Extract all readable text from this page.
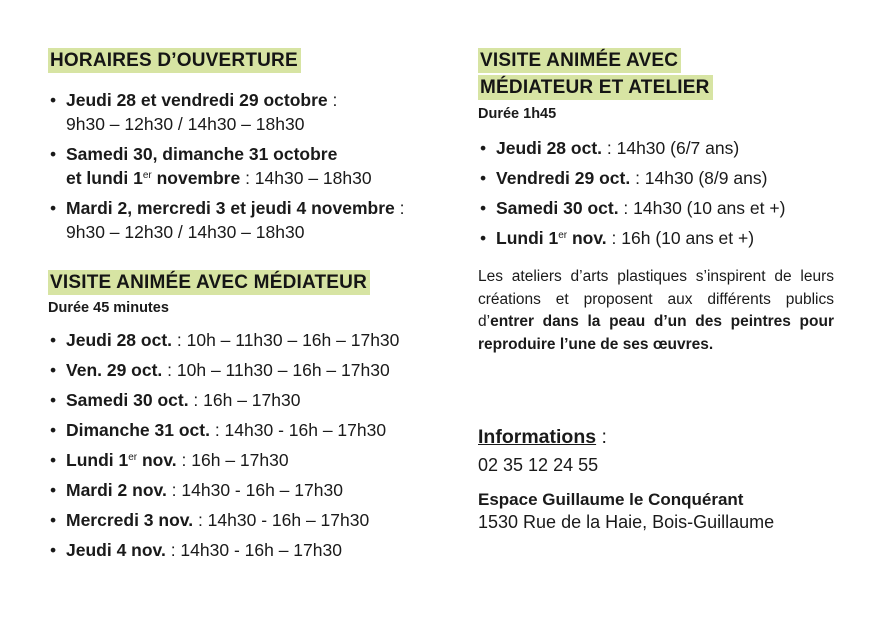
HORAIRES D’OUVERTURE
• Jeudi 28 et vendredi 29 octobre :
9h30 – 12h30 / 14h30 – 18h30
• Samedi 30, dimanche 31 octobre
et lundi 1er novembre : 14h30 – 18h30
• Mardi 2, mercredi 3 et jeudi 4 novembre :
9h30 – 12h30 / 14h30 – 18h30
VISITE ANIMÉE AVEC MÉDIATEUR
Durée 45 minutes
• Jeudi 28 oct. : 10h – 11h30 – 16h – 17h30
• Ven. 29 oct. : 10h – 11h30 – 16h – 17h30
• Samedi 30 oct. : 16h – 17h30
• Dimanche 31 oct. : 14h30 - 16h – 17h30
• Lundi 1er nov. : 16h – 17h30
• Mardi 2 nov. : 14h30 - 16h – 17h30
• Mercredi 3 nov. : 14h30 - 16h – 17h30
• Jeudi 4 nov. : 14h30 - 16h – 17h30
VISITE ANIMÉE AVEC
MÉDIATEUR ET ATELIER
Durée 1h45
• Jeudi 28 oct. : 14h30 (6/7 ans)
• Vendredi 29 oct. : 14h30 (8/9 ans)
• Samedi 30 oct. : 14h30 (10 ans et +)
• Lundi 1er nov. : 16h (10 ans et +)
Les ateliers d’arts plastiques s’inspirent de leurs créations et proposent aux différents publics d’entrer dans la peau d’un des peintres pour reproduire l’une de ses œuvres.
Informations :
02 35 12 24 55
Espace Guillaume le Conquérant
1530 Rue de la Haie, Bois-Guillaume
